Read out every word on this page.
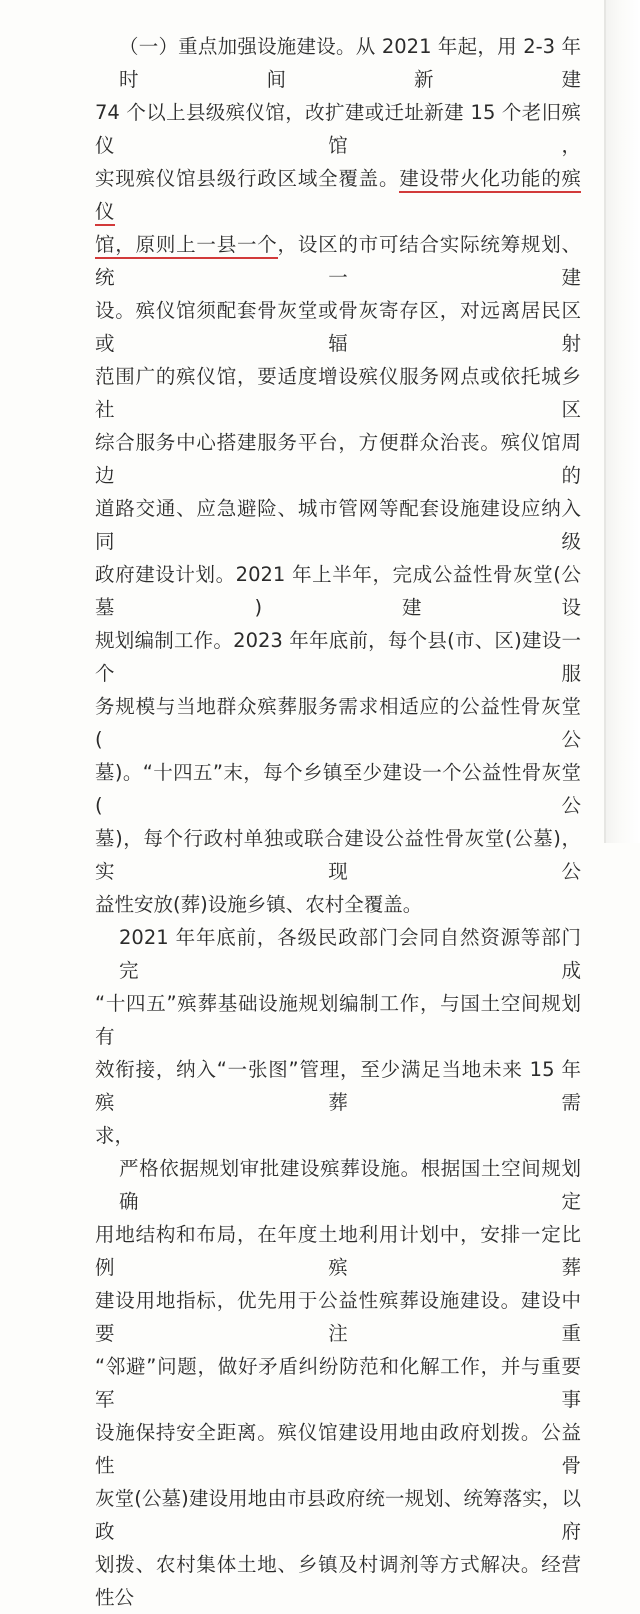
（一）重点加强设施建设。从 2021 年起，用 2-3 年时间新建
74 个以上县级殡仪馆，改扩建或迁址新建 15 个老旧殡仪馆，
实现殡仪馆县级行政区域全覆盖。建设带火化功能的殡仪
馆，原则上一县一个，设区的市可结合实际统筹规划、统一建
设。殡仪馆须配套骨灰堂或骨灰寄存区，对远离居民区或辐射
范围广的殡仪馆，要适度增设殡仪服务网点或依托城乡社区
综合服务中心搭建服务平台，方便群众治丧。殡仪馆周边的
道路交通、应急避险、城市管网等配套设施建设应纳入同级
政府建设计划。2021 年上半年，完成公益性骨灰堂(公墓)建设
规划编制工作。2023 年年底前，每个县(市、区)建设一个服
务规模与当地群众殡葬服务需求相适应的公益性骨灰堂(公
墓)。“十四五”末，每个乡镇至少建设一个公益性骨灰堂(公
墓)，每个行政村单独或联合建设公益性骨灰堂(公墓)，实现公
益性安放(葬)设施乡镇、农村全覆盖。
2021 年年底前，各级民政部门会同自然资源等部门完成
“十四五”殡葬基础设施规划编制工作，与国土空间规划有
效衔接，纳入“一张图”管理，至少满足当地未来 15 年殡葬需
求，
严格依据规划审批建设殡葬设施。根据国土空间规划确定
用地结构和布局，在年度土地利用计划中，安排一定比例殡葬
建设用地指标，优先用于公益性殡葬设施建设。建设中要注重
“邻避”问题，做好矛盾纠纷防范和化解工作，并与重要军事
设施保持安全距离。殡仪馆建设用地由政府划拨。公益性骨
灰堂(公墓)建设用地由市县政府统一规划、统筹落实，以政府
划拨、农村集体土地、乡镇及村调剂等方式解决。经营性公
